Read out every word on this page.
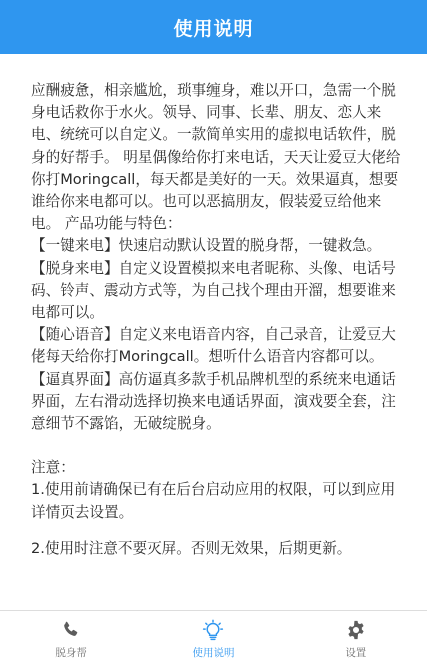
使用说明

应酬疲惫，相亲尴尬，琐事缠身，难以开口，急需一个脱身电话救你于水火。领导、同事、长辈、朋友、恋人来电、统统可以自定义。一款简单实用的虚拟电话软件，脱身的好帮手。 明星偶像给你打来电话，天天让爱豆大佬给你打Moringcall，每天都是美好的一天。效果逼真，想要谁给你来电都可以。也可以恶搞朋友，假装爱豆给他来电。 产品功能与特色：

【一键来电】快速启动默认设置的脱身帮，一键救急。

【脱身来电】自定义设置模拟来电者昵称、头像、电话号码、铃声、震动方式等，为自己找个理由开溜，想要谁来电都可以。

【随心语音】自定义来电语音内容，自己录音，让爱豆大佬每天给你打Moringcall。想听什么语音内容都可以。

【逼真界面】高仿逼真多款手机品牌机型的系统来电通话界面，左右滑动选择切换来电通话界面，演戏要全套，注意细节不露馅，无破绽脱身。

注意：

1.使用前请确保已有在后台启动应用的权限，可以到应用详情页去设置。

2.使用时注意不要灭屏。否则无效果，后期更新。

脱身帮	使用说明	设置
